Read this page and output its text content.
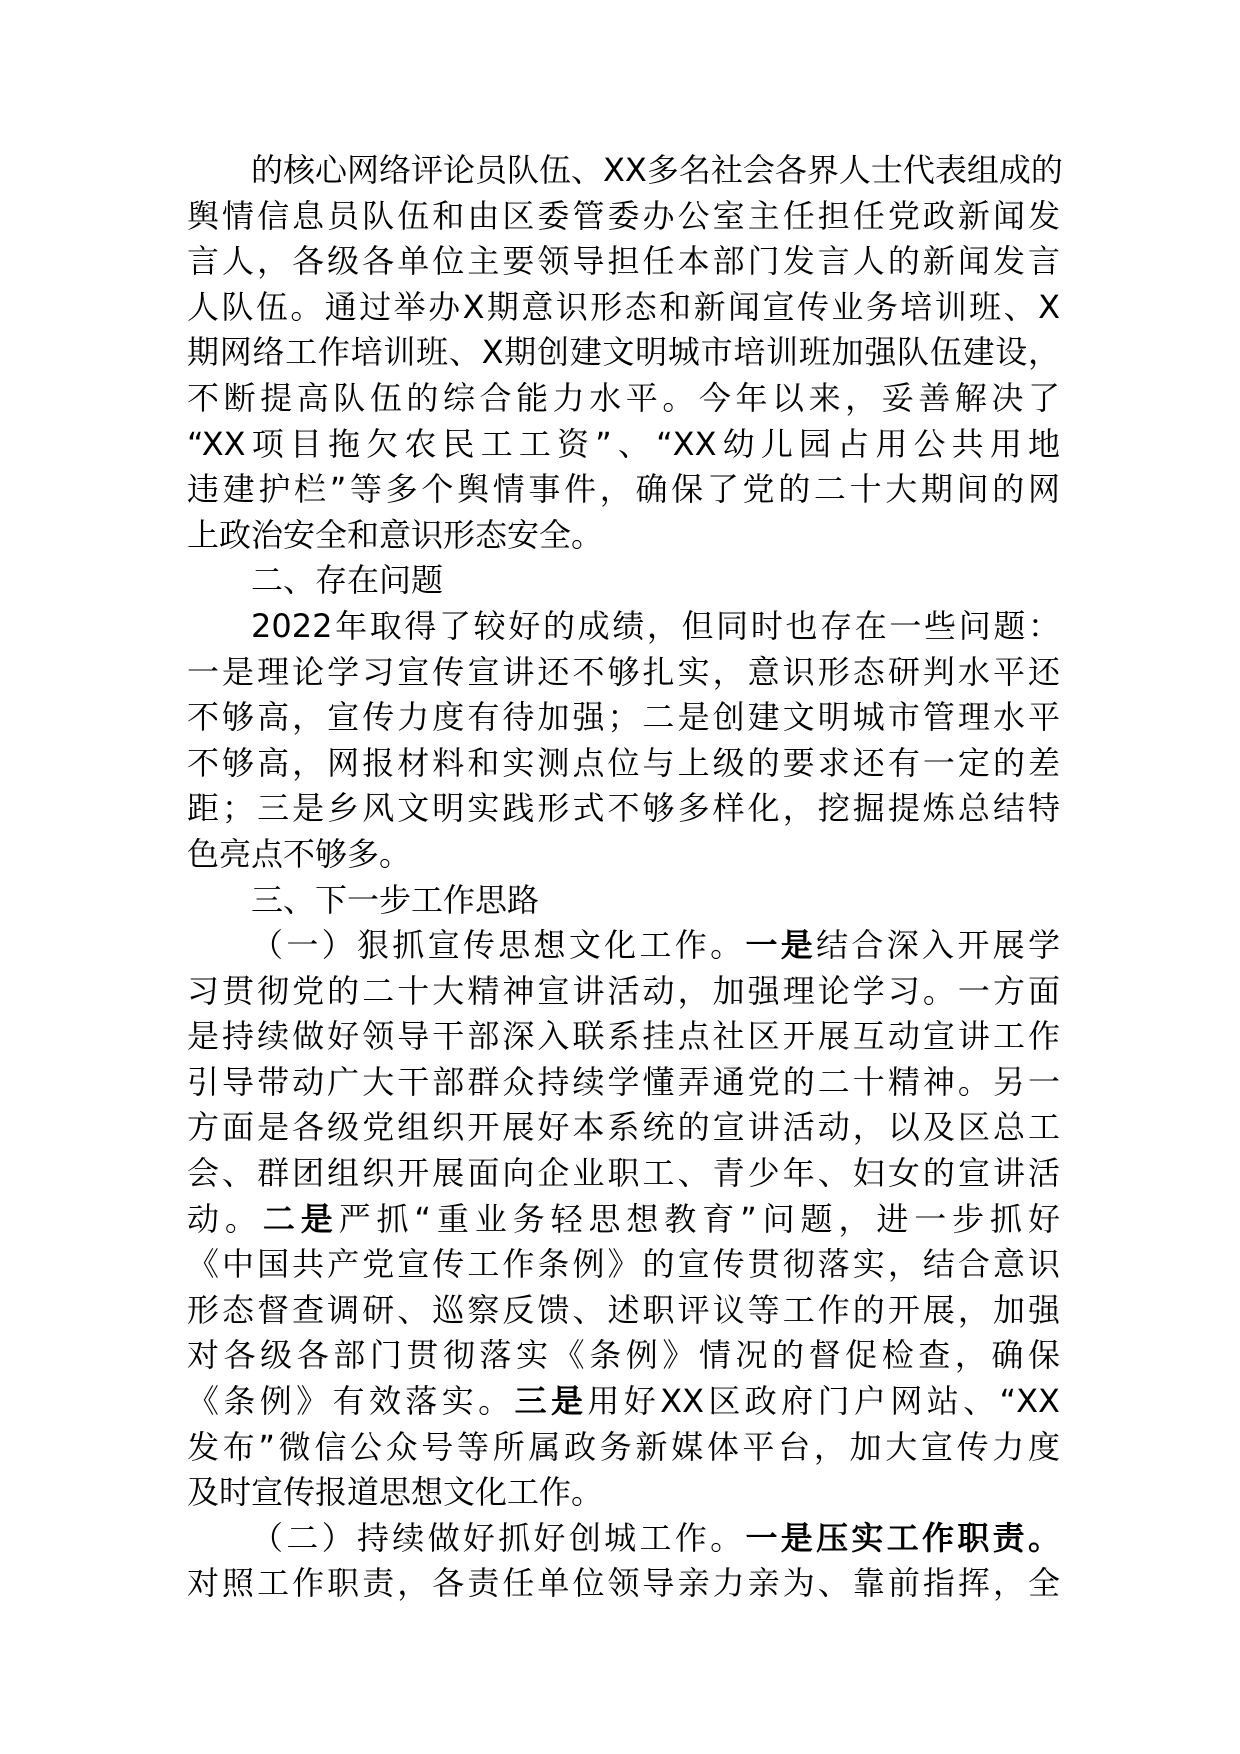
的核心网络评论员队伍、XX多名社会各界人士代表组成的
舆情信息员队伍和由区委管委办公室主任担任党政新闻发
言人，各级各单位主要领导担任本部门发言人的新闻发言
人队伍。通过举办X期意识形态和新闻宣传业务培训班、X
期网络工作培训班、X期创建文明城市培训班加强队伍建设，
不断提高队伍的综合能力水平。今年以来，妥善解决了
“XX项目拖欠农民工工资”、“XX幼儿园占用公共用地
违建护栏”等多个舆情事件，确保了党的二十大期间的网
上政治安全和意识形态安全。
二、存在问题
2022年取得了较好的成绩，但同时也存在一些问题：
一是理论学习宣传宣讲还不够扎实，意识形态研判水平还
不够高，宣传力度有待加强；二是创建文明城市管理水平
不够高，网报材料和实测点位与上级的要求还有一定的差
距；三是乡风文明实践形式不够多样化，挖掘提炼总结特
色亮点不够多。
三、下一步工作思路
（一）狠抓宣传思想文化工作。一是结合深入开展学
习贯彻党的二十大精神宣讲活动，加强理论学习。一方面
是持续做好领导干部深入联系挂点社区开展互动宣讲工作
引导带动广大干部群众持续学懂弄通党的二十精神。另一
方面是各级党组织开展好本系统的宣讲活动，以及区总工
会、群团组织开展面向企业职工、青少年、妇女的宣讲活
动。二是严抓“重业务轻思想教育”问题，进一步抓好
《中国共产党宣传工作条例》的宣传贯彻落实，结合意识
形态督查调研、巡察反馈、述职评议等工作的开展，加强
对各级各部门贯彻落实《条例》情况的督促检查，确保
《条例》有效落实。三是用好XX区政府门户网站、“XX
发布”微信公众号等所属政务新媒体平台，加大宣传力度
及时宣传报道思想文化工作。
（二）持续做好抓好创城工作。一是压实工作职责。
对照工作职责，各责任单位领导亲力亲为、靠前指挥，全
